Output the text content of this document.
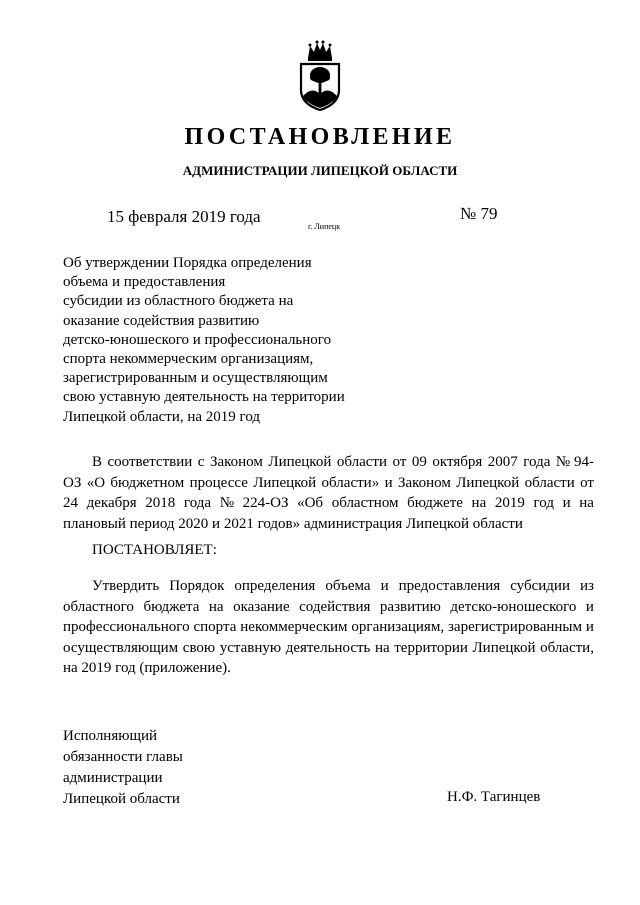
ПОСТАНОВЛЕНИЕ
АДМИНИСТРАЦИИ ЛИПЕЦКОЙ ОБЛАСТИ
15 февраля 2019 года
г. Липецк
№ 79
Об утверждении Порядка определения
объема и предоставления
субсидии из областного бюджета на
оказание содействия развитию
детско-юношеского и профессионального
спорта некоммерческим организациям,
зарегистрированным и осуществляющим
свою уставную деятельность на территории
Липецкой области, на 2019 год
В соответствии с Законом Липецкой области от 09 октября 2007 года № 94-
ОЗ «О бюджетном процессе Липецкой области» и Законом Липецкой области от
24 декабря 2018 года № 224-ОЗ «Об областном бюджете на 2019 год и на
плановый период 2020 и 2021 годов» администрация Липецкой области
ПОСТАНОВЛЯЕТ:
Утвердить Порядок определения объема и предоставления субсидии из
областного бюджета на оказание содействия развитию детско-юношеского и
профессионального спорта некоммерческим организациям, зарегистрированным и
осуществляющим свою уставную деятельность на территории Липецкой области,
на 2019 год (приложение).
Исполняющий
обязанности главы
администрации
Липецкой области	Н.Ф. Тагинцев
